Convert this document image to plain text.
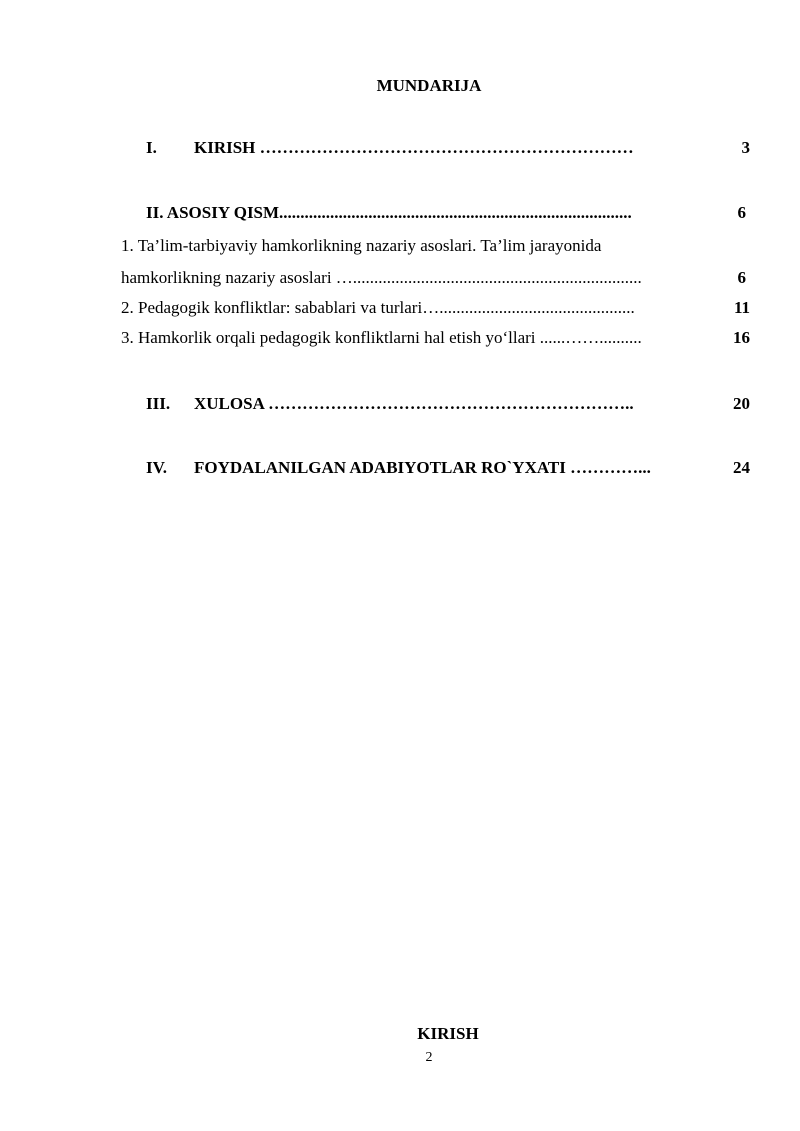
MUNDARIJA
I. KIRISH …………………………………………………………	3
II. ASOSIY QISM...................................................................................	6
1. Ta’lim-tarbiyaviy hamkorlikning nazariy asoslari. Ta’lim jarayonida
hamkorlikning nazariy asoslari …....................................................................	6
2. Pedagogik konfliktlar: sabablari va turlari…..............................................	11
3. Hamkorlik orqali pedagogik konfliktlarni hal etish yo‘llari ......……..........	16
III. XULOSA ………………………………………………………..	20
IV. FOYDALANILGAN ADABIYOTLAR RO`YXATI …………...	24
KIRISH
2
